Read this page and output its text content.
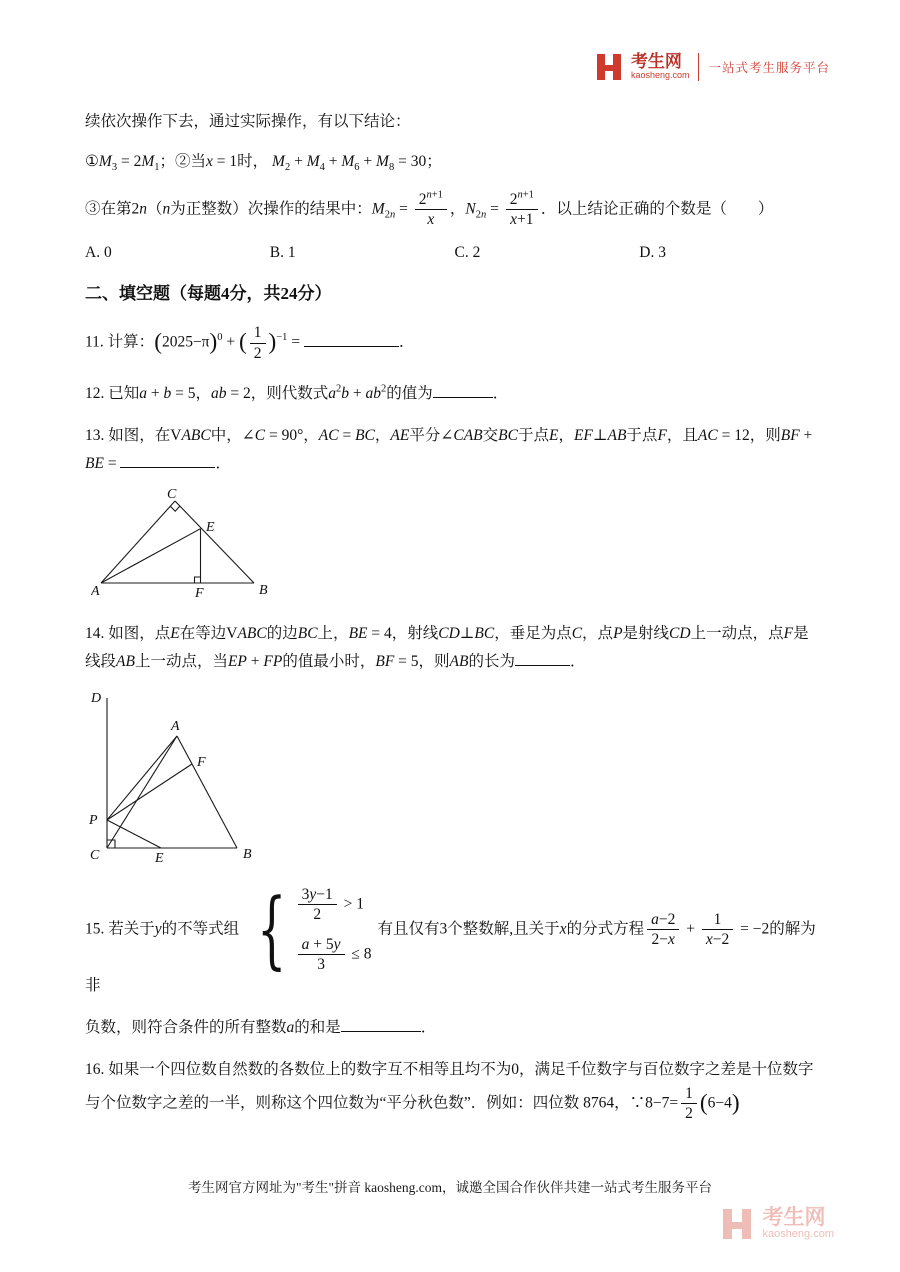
考生网
kaosheng.com
一站式考生服务平台

续依次操作下去，通过实际操作，有以下结论：

$①M_3 = 2M_1$；②当x = 1时， $M_2 + M_4 + M_6 + M_8 = 30$；

③在第2n（n为正整数）次操作的结果中：$M_{2n} = \frac{2^{n+1}}{x}$ ，$N_{2n} = \frac{2^{n+1}}{x+1}$ ．以上结论正确的个数是（　　）

A. 0	B. 1	C. 2	D. 3
二、填空题（每题4分，共24分）

11. 计算：$(2025-\pi)^0$ + ( $\frac{1}{2} )^{-1}$ =	．

12. 已知a + b = 5，ab = 2，则代数式$a^2b + ab^2$的值为	．

13. 如图，在VABC中，∠C = 90°，AC = BC，AE平分∠CAB交BC于点E，EF⊥AB于点F，且AC = 12，则BF + BE =	．

C
E
A	F	B

14. 如图，点E在等边VABC的边BC上，BE = 4，射线CD⊥BC，垂足为点C，点P是射线CD上一动点，点F是线段AB上一动点，当EP + FP的值最小时，BF = 5，则AB的长为	．

D
A
F
P
C	E	B

15. 若关于y的不等式组 { $\frac{3y-1}{2} > 1$
$\frac{a + 5y}{3} \le 8$
有且仅有3个整数解,且关于x的分式方程 $\frac{a-2}{2-x} + \frac{1}{x-2} = -2$的解为非

负数，则符合条件的所有整数a的和是	．

16. 如果一个四位数自然数的各数位上的数字互不相等且均不为0，满足千位数字与百位数字之差是十位数字与个位数字之差的一半，则称这个四位数为“平分秋色数”．例如：四位数 8764，∵8−7= $\frac{1}{2} (6-4)$

考生网官方网址为"考生"拼音 kaosheng.com，诚邀全国合作伙伴共建一站式考生服务平台
考生网
kaosheng.com
